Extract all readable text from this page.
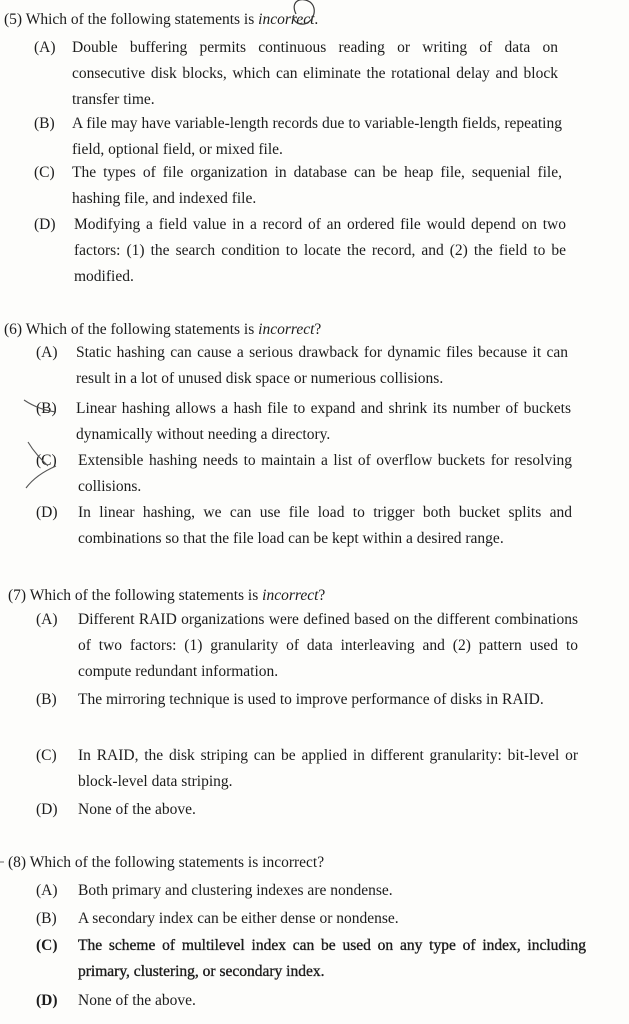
(5) Which of the following statements is incorrect.
(A) Double buffering permits continuous reading or writing of data on consecutive disk blocks, which can eliminate the rotational delay and block transfer time.
(B) A file may have variable-length records due to variable-length fields, repeating field, optional field, or mixed file.
(C) The types of file organization in database can be heap file, sequenial file, hashing file, and indexed file.
(D) Modifying a field value in a record of an ordered file would depend on two factors: (1) the search condition to locate the record, and (2) the field to be modified.
(6) Which of the following statements is incorrect?
(A) Static hashing can cause a serious drawback for dynamic files because it can result in a lot of unused disk space or numerious collisions.
(B) Linear hashing allows a hash file to expand and shrink its number of buckets dynamically without needing a directory.
(C) Extensible hashing needs to maintain a list of overflow buckets for resolving collisions.
(D) In linear hashing, we can use file load to trigger both bucket splits and combinations so that the file load can be kept within a desired range.
(7) Which of the following statements is incorrect?
(A) Different RAID organizations were defined based on the different combinations of two factors: (1) granularity of data interleaving and (2) pattern used to compute redundant information.
(B) The mirroring technique is used to improve performance of disks in RAID.
(C) In RAID, the disk striping can be applied in different granularity: bit-level or block-level data striping.
(D) None of the above.
(8) Which of the following statements is incorrect?
(A) Both primary and clustering indexes are nondense.
(B) A secondary index can be either dense or nondense.
(C) The scheme of multilevel index can be used on any type of index, including primary, clustering, or secondary index.
(D) None of the above.
